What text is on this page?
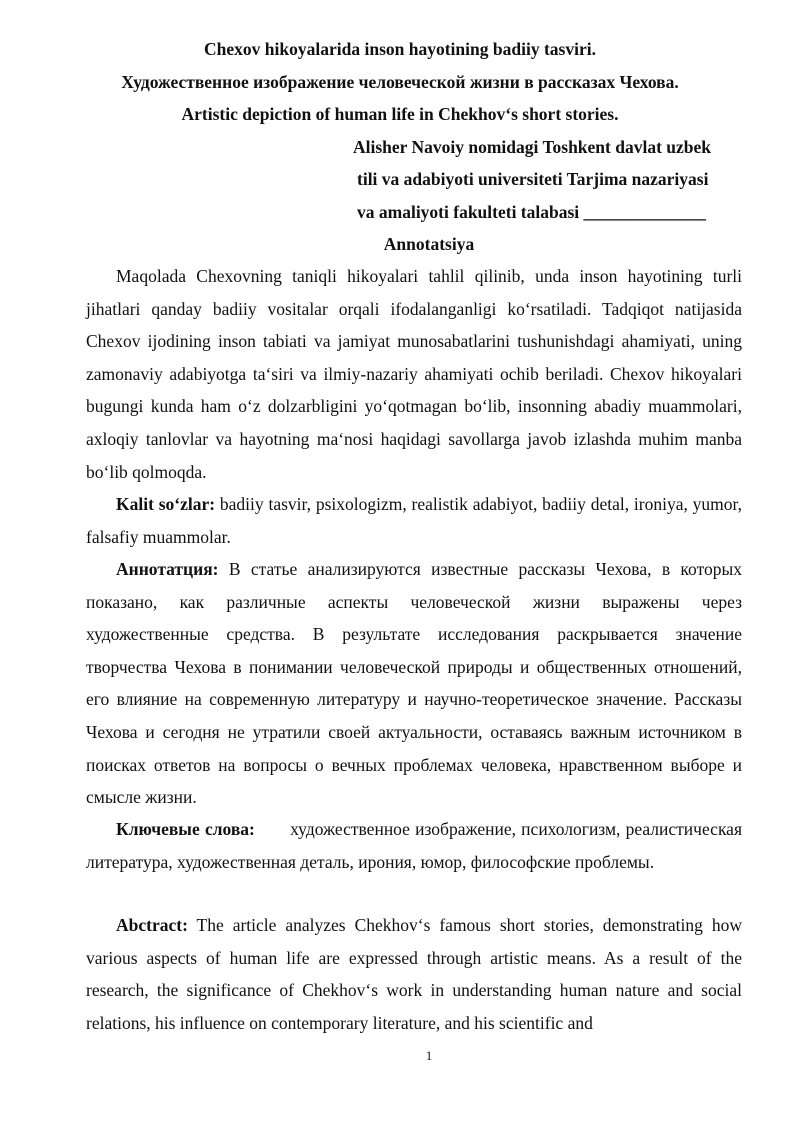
Chexov hikoyalarida inson hayotining badiiy tasviri.
Художественное изображение человеческой жизни в рассказах Чехова.
Artistic depiction of human life in Chekhov‘s short stories.
Alisher Navoiy nomidagi Toshkent davlat uzbek
tili va adabiyoti universiteti Tarjima nazariyasi
va amaliyoti fakulteti talabasi ______________
Annotatsiya
Maqolada Chexovning taniqli hikoyalari tahlil qilinib, unda inson hayotining turli jihatlari qanday badiiy vositalar orqali ifodalanganligi ko‘rsatiladi. Tadqiqot natijasida Chexov ijodining inson tabiati va jamiyat munosabatlarini tushunishdagi ahamiyati, uning zamonaviy adabiyotga ta‘siri va ilmiy-nazariy ahamiyati ochib beriladi. Chexov hikoyalari bugungi kunda ham o‘z dolzarbligini yo‘qotmagan bo‘lib, insonning abadiy muammolari, axloqiy tanlovlar va hayotning ma‘nosi haqidagi savollarga javob izlashda muhim manba bo‘lib qolmoqda.
Kalit so‘zlar: badiiy tasvir, psixologizm, realistik adabiyot, badiiy detal, ironiya, yumor, falsafiy muammolar.
Аннотатция: В статье анализируются известные рассказы Чехова, в которых показано, как различные аспекты человеческой жизни выражены через художественные средства. В результате исследования раскрывается значение творчества Чехова в понимании человеческой природы и общественных отношений, его влияние на современную литературу и научно-теоретическое значение. Рассказы Чехова и сегодня не утратили своей актуальности, оставаясь важным источником в поисках ответов на вопросы о вечных проблемах человека, нравственном выборе и смысле жизни.
Ключевые слова: художественное изображение, психологизм, реалистическая литература, художественная деталь, ирония, юмор, философские проблемы.
Abctract: The article analyzes Chekhov‘s famous short stories, demonstrating how various aspects of human life are expressed through artistic means. As a result of the research, the significance of Chekhov‘s work in understanding human nature and social relations, his influence on contemporary literature, and his scientific and
1
